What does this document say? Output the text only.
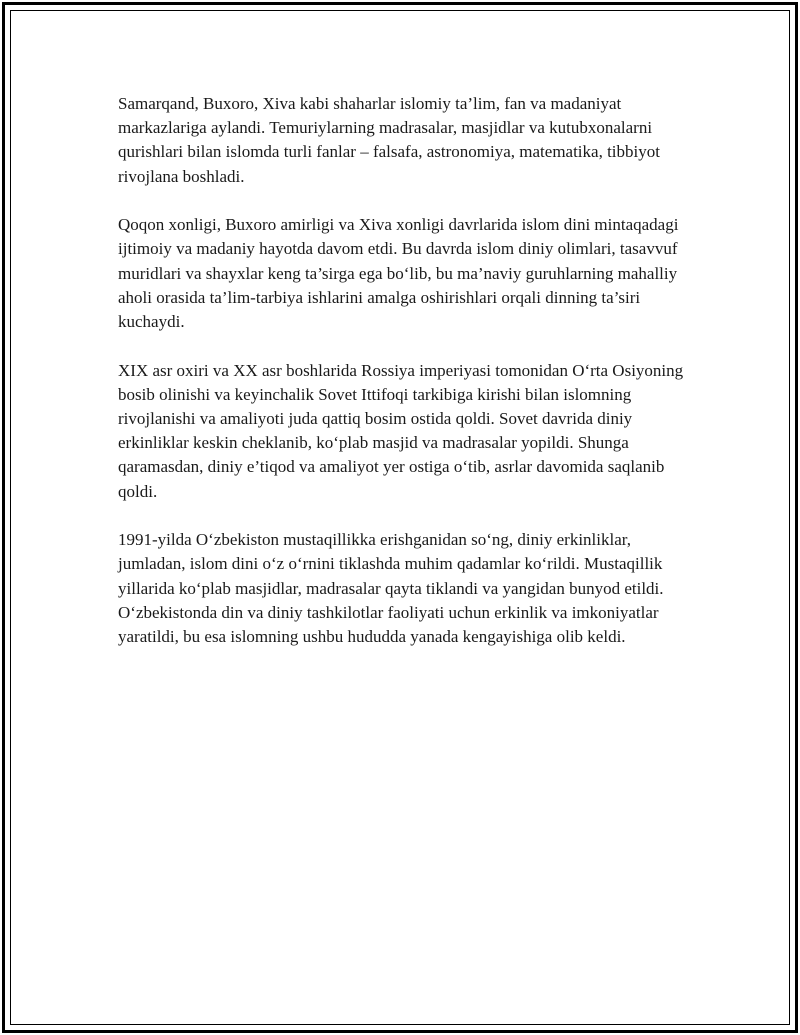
Samarqand, Buxoro, Xiva kabi shaharlar islomiy ta’lim, fan va madaniyat markazlariga aylandi. Temuriylarning madrasalar, masjidlar va kutubxonalarni qurishlari bilan islomda turli fanlar – falsafa, astronomiya, matematika, tibbiyot rivojlana boshladi.

Qoqon xonligi, Buxoro amirligi va Xiva xonligi davrlarida islom dini mintaqadagi ijtimoiy va madaniy hayotda davom etdi. Bu davrda islom diniy olimlari, tasavvuf muridlari va shayxlar keng ta’sirga ega bo‘lib, bu ma’naviy guruhlarning mahalliy aholi orasida ta’lim-tarbiya ishlarini amalga oshirishlari orqali dinning ta’siri kuchaydi.

XIX asr oxiri va XX asr boshlarida Rossiya imperiyasi tomonidan O‘rta Osiyoning bosib olinishi va keyinchalik Sovet Ittifoqi tarkibiga kirishi bilan islomning rivojlanishi va amaliyoti juda qattiq bosim ostida qoldi. Sovet davrida diniy erkinliklar keskin cheklanib, ko‘plab masjid va madrasalar yopildi. Shunga qaramasdan, diniy e’tiqod va amaliyot yer ostiga o‘tib, asrlar davomida saqlanib qoldi.

1991-yilda O‘zbekiston mustaqillikka erishganidan so‘ng, diniy erkinliklar, jumladan, islom dini o‘z o‘rnini tiklashda muhim qadamlar ko‘rildi. Mustaqillik yillarida ko‘plab masjidlar, madrasalar qayta tiklandi va yangidan bunyod etildi. O‘zbekistonda din va diniy tashkilotlar faoliyati uchun erkinlik va imkoniyatlar yaratildi, bu esa islomning ushbu hududda yanada kengayishiga olib keldi.
